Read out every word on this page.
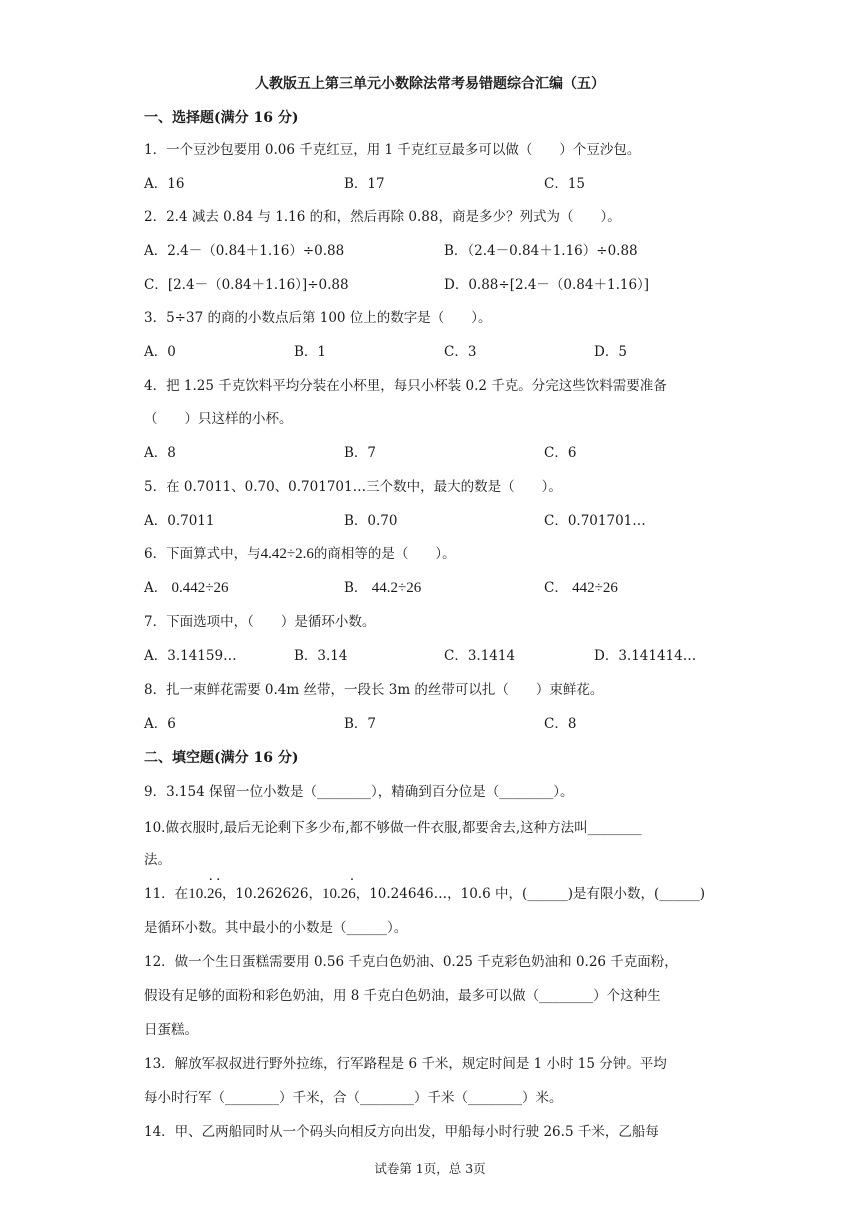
人教版五上第三单元小数除法常考易错题综合汇编（五）
一、选择题(满分 16 分)
1．一个豆沙包要用 0.06 千克红豆，用 1 千克红豆最多可以做（　　）个豆沙包。
A．16	B．17	C．15
2．2.4 减去 0.84 与 1.16 的和，然后再除 0.88，商是多少？列式为（　　）。
A．2.4－（0.84＋1.16）÷0.88	B．（2.4－0.84＋1.16）÷0.88
C．[2.4－（0.84＋1.16）]÷0.88	D．0.88÷[2.4－（0.84＋1.16）]
3．5÷37 的商的小数点后第 100 位上的数字是（　　）。
A．0	B．1	C．3	D．5
4．把 1.25 千克饮料平均分装在小杯里，每只小杯装 0.2 千克。分完这些饮料需要准备
（　　）只这样的小杯。
A．8	B．7	C．6
5．在 0.7011、0.70、0.701701…三个数中，最大的数是（　　）。
A．0.7011	B．0.70	C．0.701701…
6．下面算式中，与4.42÷2.6的商相等的是（　　）。
A． 0.442÷26	B． 44.2÷26	C． 442÷26
7．下面选项中，（　　）是循环小数。
A．3.14159…	B．3.14	C．3.1414	D．3.141414…
8．扎一束鲜花需要 0.4m 丝带，一段长 3m 的丝带可以扎（　　）束鲜花。
A．6	B．7	C．8
二、填空题(满分 16 分)
9．3.154 保留一位小数是（________），精确到百分位是（________）。
10.做衣服时,最后无论剩下多少布,都不够做一件衣服,都要舍去,这种方法叫________
法。
11．在10.· 2· 6，10.262626，10.2· 6，10.24646…，10.6 中，(______)是有限小数，(______)
是循环小数。其中最小的小数是（______）。
12．做一个生日蛋糕需要用 0.56 千克白色奶油、0.25 千克彩色奶油和 0.26 千克面粉，
假设有足够的面粉和彩色奶油，用 8 千克白色奶油，最多可以做（________）个这种生
日蛋糕。
13．解放军叔叔进行野外拉练，行军路程是 6 千米，规定时间是 1 小时 15 分钟。平均
每小时行军（________）千米，合（________）千米（________）米。
14．甲、乙两船同时从一个码头向相反方向出发，甲船每小时行驶 26.5 千米，乙船每
试卷第 1页，总 3页
